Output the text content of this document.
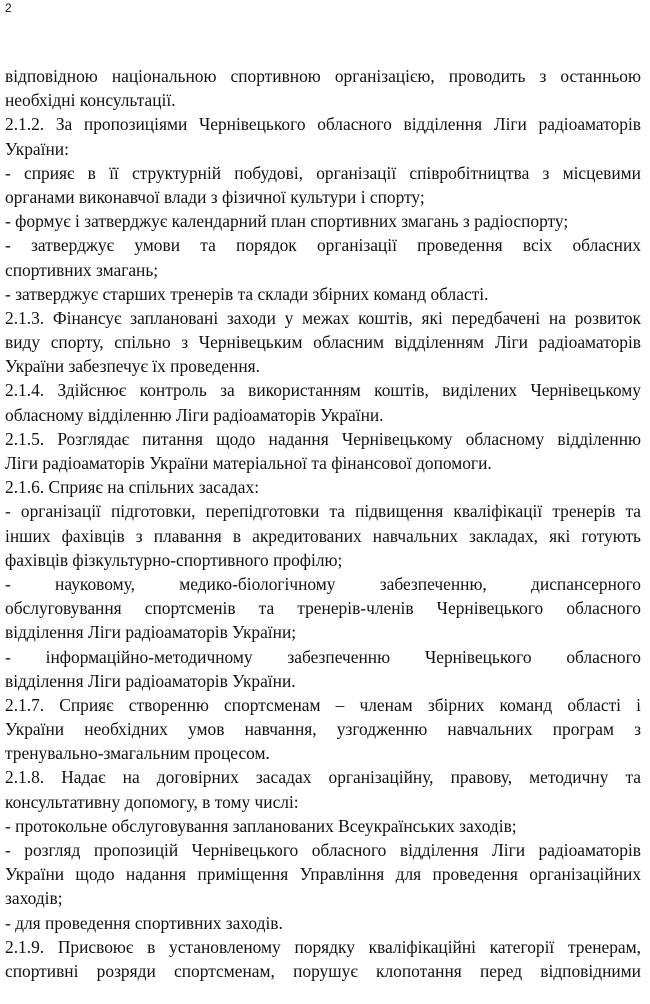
2
відповідною національною спортивною організацією, проводить з останньою
необхідні консультації.
2.1.2. За пропозиціями Чернівецького обласного відділення Ліги радіоаматорів
України:
- сприяє в її структурній побудові, організації співробітництва з місцевими
органами виконавчої влади з фізичної культури і спорту;
- формує і затверджує календарний план спортивних змагань з радіоспорту;
- затверджує умови та порядок організації проведення всіх обласних
спортивних змагань;
- затверджує старших тренерів та склади збірних команд області.
2.1.3. Фінансує заплановані заходи у межах коштів, які передбачені на розвиток
виду спорту, спільно з Чернівецьким обласним відділенням Ліги радіоаматорів
України забезпечує їх проведення.
2.1.4. Здійснює контроль за використанням коштів, виділених Чернівецькому
обласному відділенню Ліги радіоаматорів України.
2.1.5. Розглядає питання щодо надання Чернівецькому обласному відділенню
Ліги радіоаматорів України матеріальної та фінансової допомоги.
2.1.6. Сприяє на спільних засадах:
- організації підготовки, перепідготовки та підвищення кваліфікації тренерів та
інших фахівців з плавання в акредитованих навчальних закладах, які готують
фахівців фізкультурно-спортивного профілю;
- науковому, медико-біологічному забезпеченню, диспансерного
обслуговування спортсменів та тренерів-членів Чернівецького обласного
відділення Ліги радіоаматорів України;
- інформаційно-методичному забезпеченню Чернівецького обласного
відділення Ліги радіоаматорів України.
2.1.7. Сприяє створенню спортсменам – членам збірних команд області і
України необхідних умов навчання, узгодженню навчальних програм з
тренувально-змагальним процесом.
2.1.8. Надає на договірних засадах організаційну, правову, методичну та
консультативну допомогу, в тому числі:
- протокольне обслуговування запланованих Всеукраїнських заходів;
- розгляд пропозицій Чернівецького обласного відділення Ліги радіоаматорів
України щодо надання приміщення Управління для проведення організаційних
заходів;
- для проведення спортивних заходів.
2.1.9. Присвоює в установленому порядку кваліфікаційні категорії тренерам,
спортивні розряди спортсменам, порушує клопотання перед відповідними
